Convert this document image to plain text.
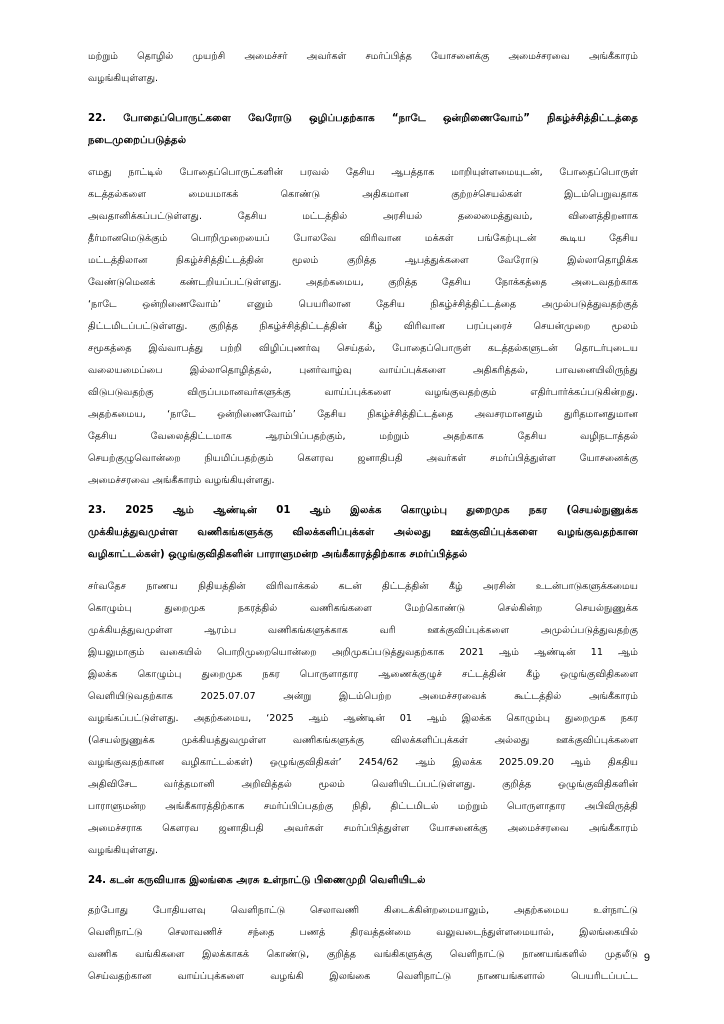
மற்றும் தொழில் முயற்சி அமைச்சர் அவர்கள் சமர்ப்பித்த யோசனைக்கு அமைச்சரவை அங்கீகாரம்
வழங்கியுள்ளது.
22. போதைப்பொருட்களை வேரோடு ஒழிப்பதற்காக “நாடே ஒன்றிணைவோம்” நிகழ்ச்சித்திட்டத்தை
நடைமுறைப்படுத்தல்
எமது நாட்டில் போதைப்பொருட்களின் பரவல் தேசிய ஆபத்தாக மாறியுள்ளமையுடன், போதைப்பொருள்
கடத்தல்களை மையமாகக் கொண்டு அதிகமான குற்றச்செயல்கள் இடம்பெறுவதாக
அவதானிக்கப்பட்டுள்ளது. தேசிய மட்டத்தில் அரசியல் தலைமைத்துவம், விளைத்திறனாக
தீர்மானமெடுக்கும் பொறிமுறையைப் போலவே விரிவான மக்கள் பங்கேற்புடன் கூடிய தேசிய
மட்டத்திலான நிகழ்ச்சித்திட்டத்தின் மூலம் குறித்த ஆபத்துக்களை வேரோடு இல்லாதொழிக்க
வேண்டுமெனக் கண்டறியப்பட்டுள்ளது. அதற்கமைய, குறித்த தேசிய நோக்கத்தை அடைவதற்காக
‘நாடே ஒன்றிணைவோம்’ எனும் பெயரிலான தேசிய நிகழ்ச்சித்திட்டத்தை அமுல்படுத்துவதற்குத்
திட்டமிடப்பட்டுள்ளது. குறித்த நிகழ்ச்சித்திட்டத்தின் கீழ் விரிவான பரப்புரைச் செயன்முறை மூலம்
சமூகத்தை இவ்வாபத்து பற்றி விழிப்புணர்வு செய்தல், போதைப்பொருள் கடத்தல்களுடன் தொடர்புடைய
வலையமைப்பை இல்லாதொழித்தல், புனர்வாழ்வு வாய்ப்புக்களை அதிகரித்தல், பாவனையிலிருந்து
விடுபடுவதற்கு விருப்பமானவர்களுக்கு வாய்ப்புக்களை வழங்குவதற்கும் எதிர்பார்க்கப்படுகின்றது.
அதற்கமைய, ‘நாடே ஒன்றிணைவோம்’ தேசிய நிகழ்ச்சித்திட்டத்தை அவசரமானதும் துரிதமானதுமான
தேசிய வேலைத்திட்டமாக ஆரம்பிப்பதற்கும், மற்றும் அதற்காக தேசிய வழிநடாத்தல்
செயற்குழுவொன்றை நியமிப்பதற்கும் கௌரவ ஜனாதிபதி அவர்கள் சமர்ப்பித்துள்ள யோசனைக்கு
அமைச்சரவை அங்கீகாரம் வழங்கியுள்ளது.
23. 2025 ஆம் ஆண்டின் 01 ஆம் இலக்க கொழும்பு துறைமுக நகர (செயல்நுணுக்க
முக்கியத்துவமுள்ள வணிகங்களுக்கு விலக்களிப்புக்கள் அல்லது ஊக்குவிப்புக்களை வழங்குவதற்கான
வழிகாட்டல்கள்) ஒழுங்குவிதிகளின் பாராளுமன்ற அங்கீகாரத்திற்காக சமர்ப்பித்தல்
சர்வதேச நாணய நிதியத்தின் விரிவாக்கல் கடன் திட்டத்தின் கீழ் அரசின் உடன்பாடுகளுக்கமைய
கொழும்பு துறைமுக நகரத்தில் வணிகங்களை மேற்கொண்டு செல்கின்ற செயல்நுணுக்க
முக்கியத்துவமுள்ள ஆரம்ப வணிகங்களுக்காக வரி ஊக்குவிப்புக்களை அமுல்ப்படுத்துவதற்கு
இயலுமாகும் வகையில் பொறிமுறையொன்றை அறிமுகப்படுத்துவதற்காக 2021 ஆம் ஆண்டின் 11 ஆம்
இலக்க கொழும்பு துறைமுக நகர பொருளாதார ஆணைக்குழுச் சட்டத்தின் கீழ் ஒழுங்குவிதிகளை
வெளியிடுவதற்காக 2025.07.07 அன்று இடம்பெற்ற அமைச்சரவைக் கூட்டத்தில் அங்கீகாரம்
வழங்கப்பட்டுள்ளது. அதற்கமைய, ‘2025 ஆம் ஆண்டின் 01 ஆம் இலக்க கொழும்பு துறைமுக நகர
(செயல்நுணுக்க முக்கியத்துவமுள்ள வணிகங்களுக்கு விலக்களிப்புக்கள் அல்லது ஊக்குவிப்புக்களை
வழங்குவதற்கான வழிகாட்டல்கள்) ஒழுங்குவிதிகள்’ 2454/62 ஆம் இலக்க 2025.09.20 ஆம் திகதிய
அதிவிசேட வர்த்தமானி அறிவித்தல் மூலம் வெளியிடப்பட்டுள்ளது. குறித்த ஒழுங்குவிதிகளின்
பாராளுமன்ற அங்கீகாரத்திற்காக சமர்ப்பிப்பதற்கு நிதி, திட்டமிடல் மற்றும் பொருளாதார அபிவிருத்தி
அமைச்சராக கௌரவ ஜனாதிபதி அவர்கள் சமர்ப்பித்துள்ள யோசனைக்கு அமைச்சரவை அங்கீகாரம்
வழங்கியுள்ளது.
24. கடன் கருவியாக இலங்கை அரசு உள்நாட்டு பிணைமுறி வெளியிடல்
தற்போது போதியளவு வெளிநாட்டு செலாவணி கிடைக்கின்றமையாலும், அதற்கமைய உள்நாட்டு
வெளிநாட்டு செலாவணிச் சந்தை பணத் திரவத்தன்மை வலுவடைந்துள்ளமையால், இலங்கையில்
வணிக வங்கிகளை இலக்காகக் கொண்டு, குறித்த வங்கிகளுக்கு வெளிநாட்டு நாணயங்களில் முதலீடு
செய்வதற்கான வாய்ப்புக்களை வழங்கி இலங்கை வெளிநாட்டு நாணயங்களால் பெயரிடப்பட்ட
9
